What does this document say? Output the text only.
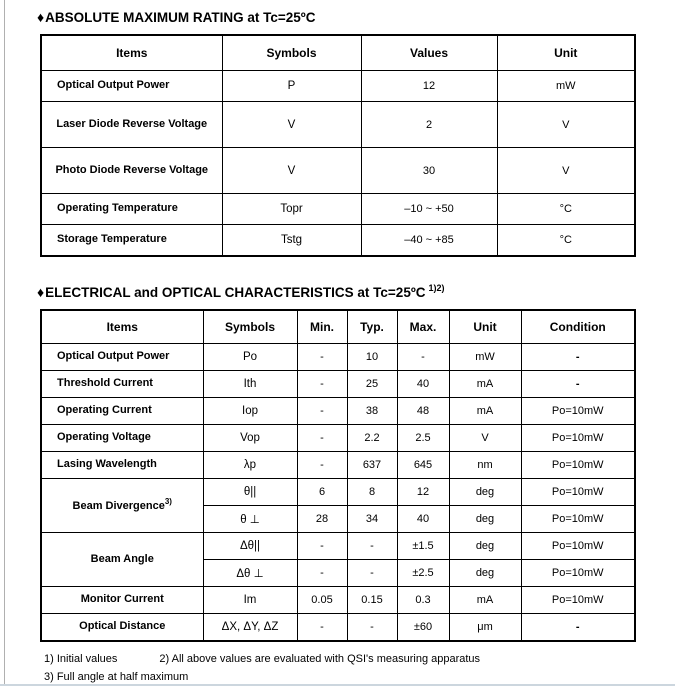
♦ABSOLUTE MAXIMUM RATING at Tc=25ºC
Items	Symbols	Values	Unit
Optical Output Power	P	12	mW
Laser Diode Reverse Voltage	V	2	V
Photo Diode Reverse Voltage	V	30	V
Operating Temperature	Topr	–10 ~ +50	°C
Storage Temperature	Tstg	–40 ~ +85	°C
♦ELECTRICAL and OPTICAL CHARACTERISTICS at Tc=25ºC $^{1)2)}$
Items	Symbols	Min.	Typ.	Max.	Unit	Condition
Optical Output Power	Po	-	10	-	mW	-
Threshold Current	Ith	-	25	40	mA	-
Operating Current	Iop	-	38	48	mA	Po=10mW
Operating Voltage	Vop	-	2.2	2.5	V	Po=10mW
Lasing Wavelength	λp	-	637	645	nm	Po=10mW
Beam Divergence$^{3)}$	θ||	6	8	12	deg	Po=10mW
	θ ⊥	28	34	40	deg	Po=10mW
Beam Angle	Δθ||	-	-	±1.5	deg	Po=10mW
	Δθ ⊥	-	-	±2.5	deg	Po=10mW
Monitor Current	Im	0.05	0.15	0.3	mA	Po=10mW
Optical Distance	ΔX, ΔY, ΔZ	-	-	±60	μm	-
1) Initial values	2) All above values are evaluated with QSI's measuring apparatus
3) Full angle at half maximum
